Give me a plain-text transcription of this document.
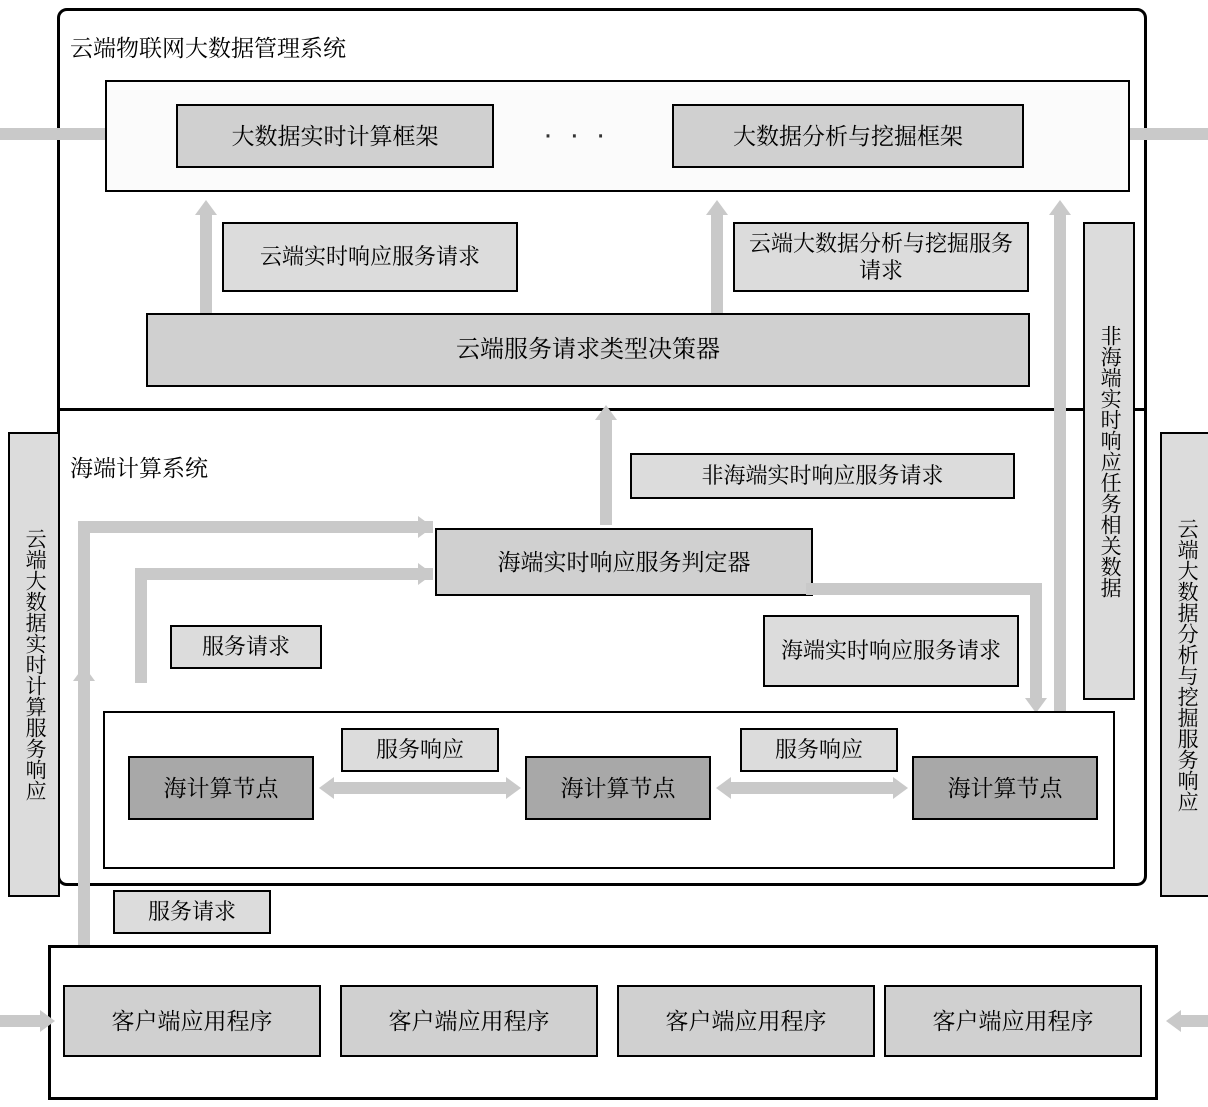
云端物联网大数据管理系统
海端计算系统
大数据实时计算框架	· · ·	大数据分析与挖掘框架
云端实时响应服务请求
云端大数据分析与挖掘服务请求
云端服务请求类型决策器
非海端实时响应服务请求
海端实时响应服务判定器
服务请求	海端实时响应服务请求
海计算节点	海计算节点	海计算节点
服务响应	服务响应
服务请求
非海端实时响应任务相关数据
云端大数据实时计算服务响应	云端大数据分析与挖掘服务响应
客户端应用程序	客户端应用程序	客户端应用程序	客户端应用程序
